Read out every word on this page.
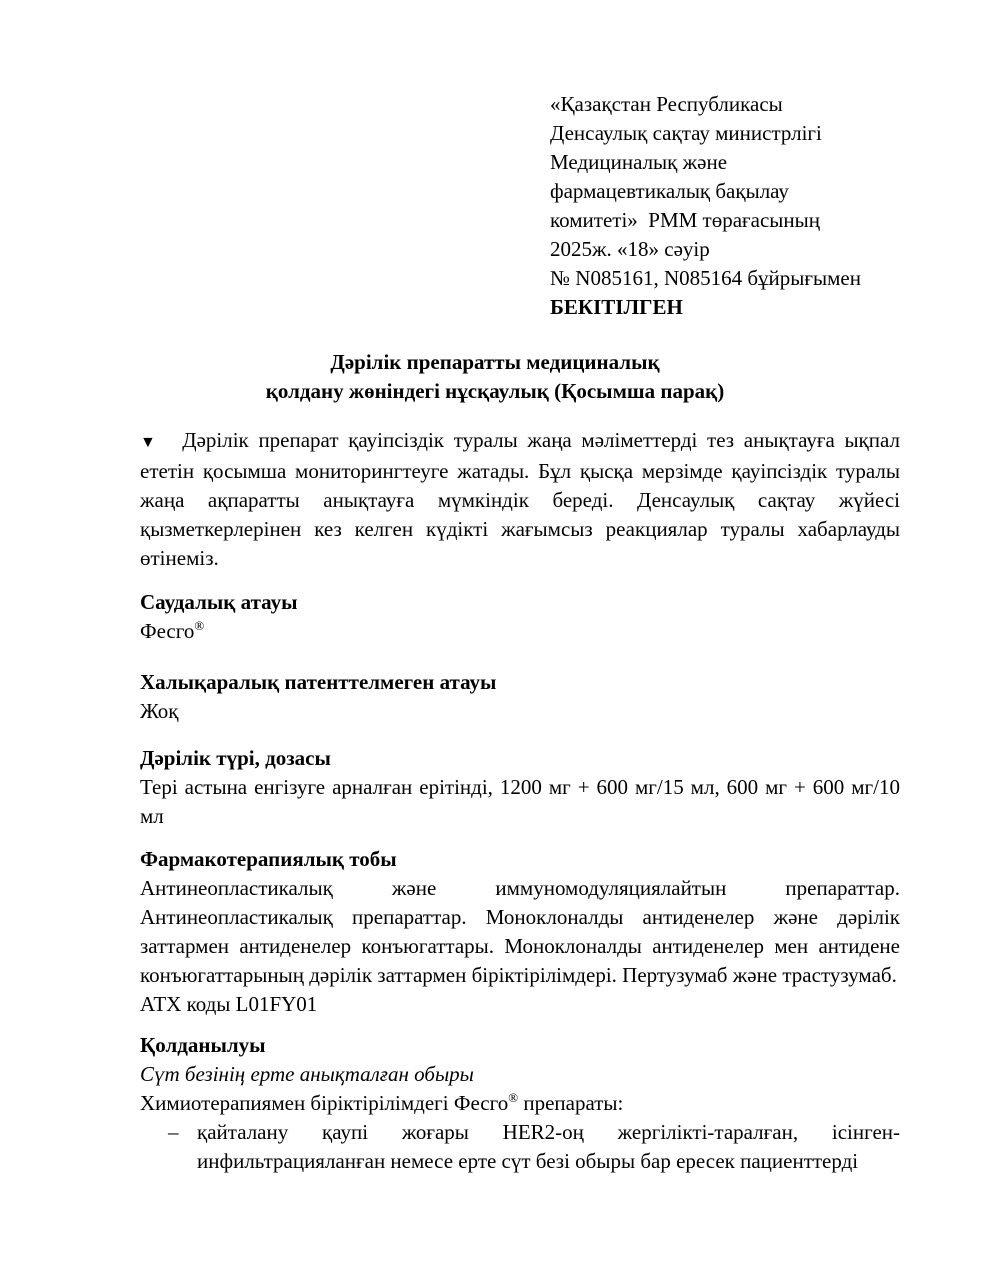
«Қазақстан Республикасы
Денсаулық сақтау министрлігі
Медициналық және
фармацевтикалық бақылау
комитеті»  РММ төрағасының
2025ж. «18» сәуір
№ N085161, N085164 бұйрығымен
БЕКІТІЛГЕН
Дәрілік препаратты медициналық
қолдану жөніндегі нұсқаулық (Қосымша парақ)
▼ Дәрілік препарат қауіпсіздік туралы жаңа мәліметтерді тез анықтауға ықпал ететін қосымша мониторингтеуге жатады. Бұл қысқа мерзімде қауіпсіздік туралы жаңа ақпаратты анықтауға мүмкіндік береді. Денсаулық сақтау жүйесі қызметкерлерінен кез келген күдікті жағымсыз реакциялар туралы хабарлауды өтінеміз.
Саудалық атауы
Фесго®
Халықаралық патенттелмеген атауы
Жоқ
Дәрілік түрі, дозасы
Тері астына енгізуге арналған ерітінді, 1200 мг + 600 мг/15 мл, 600 мг + 600 мг/10 мл
Фармакотерапиялық тобы
Антинеопластикалық және иммуномодуляциялайтын препараттар. Антинеопластикалық препараттар. Моноклоналды антиденелер және дәрілік заттармен антиденелер конъюгаттары. Моноклоналды антиденелер мен антидене конъюгаттарының дәрілік заттармен біріктірілімдері. Пертузумаб және трастузумаб.
АТХ коды L01FY01
Қолданылуы
Сүт безінің ерте анықталған обыры
Химиотерапиямен біріктірілімдегі Фесго® препараты:
– қайталану қаупі жоғары HER2-оң жергілікті-таралған, ісінген-инфильтрацияланған немесе ерте сүт безі обыры бар ересек пациенттерді
